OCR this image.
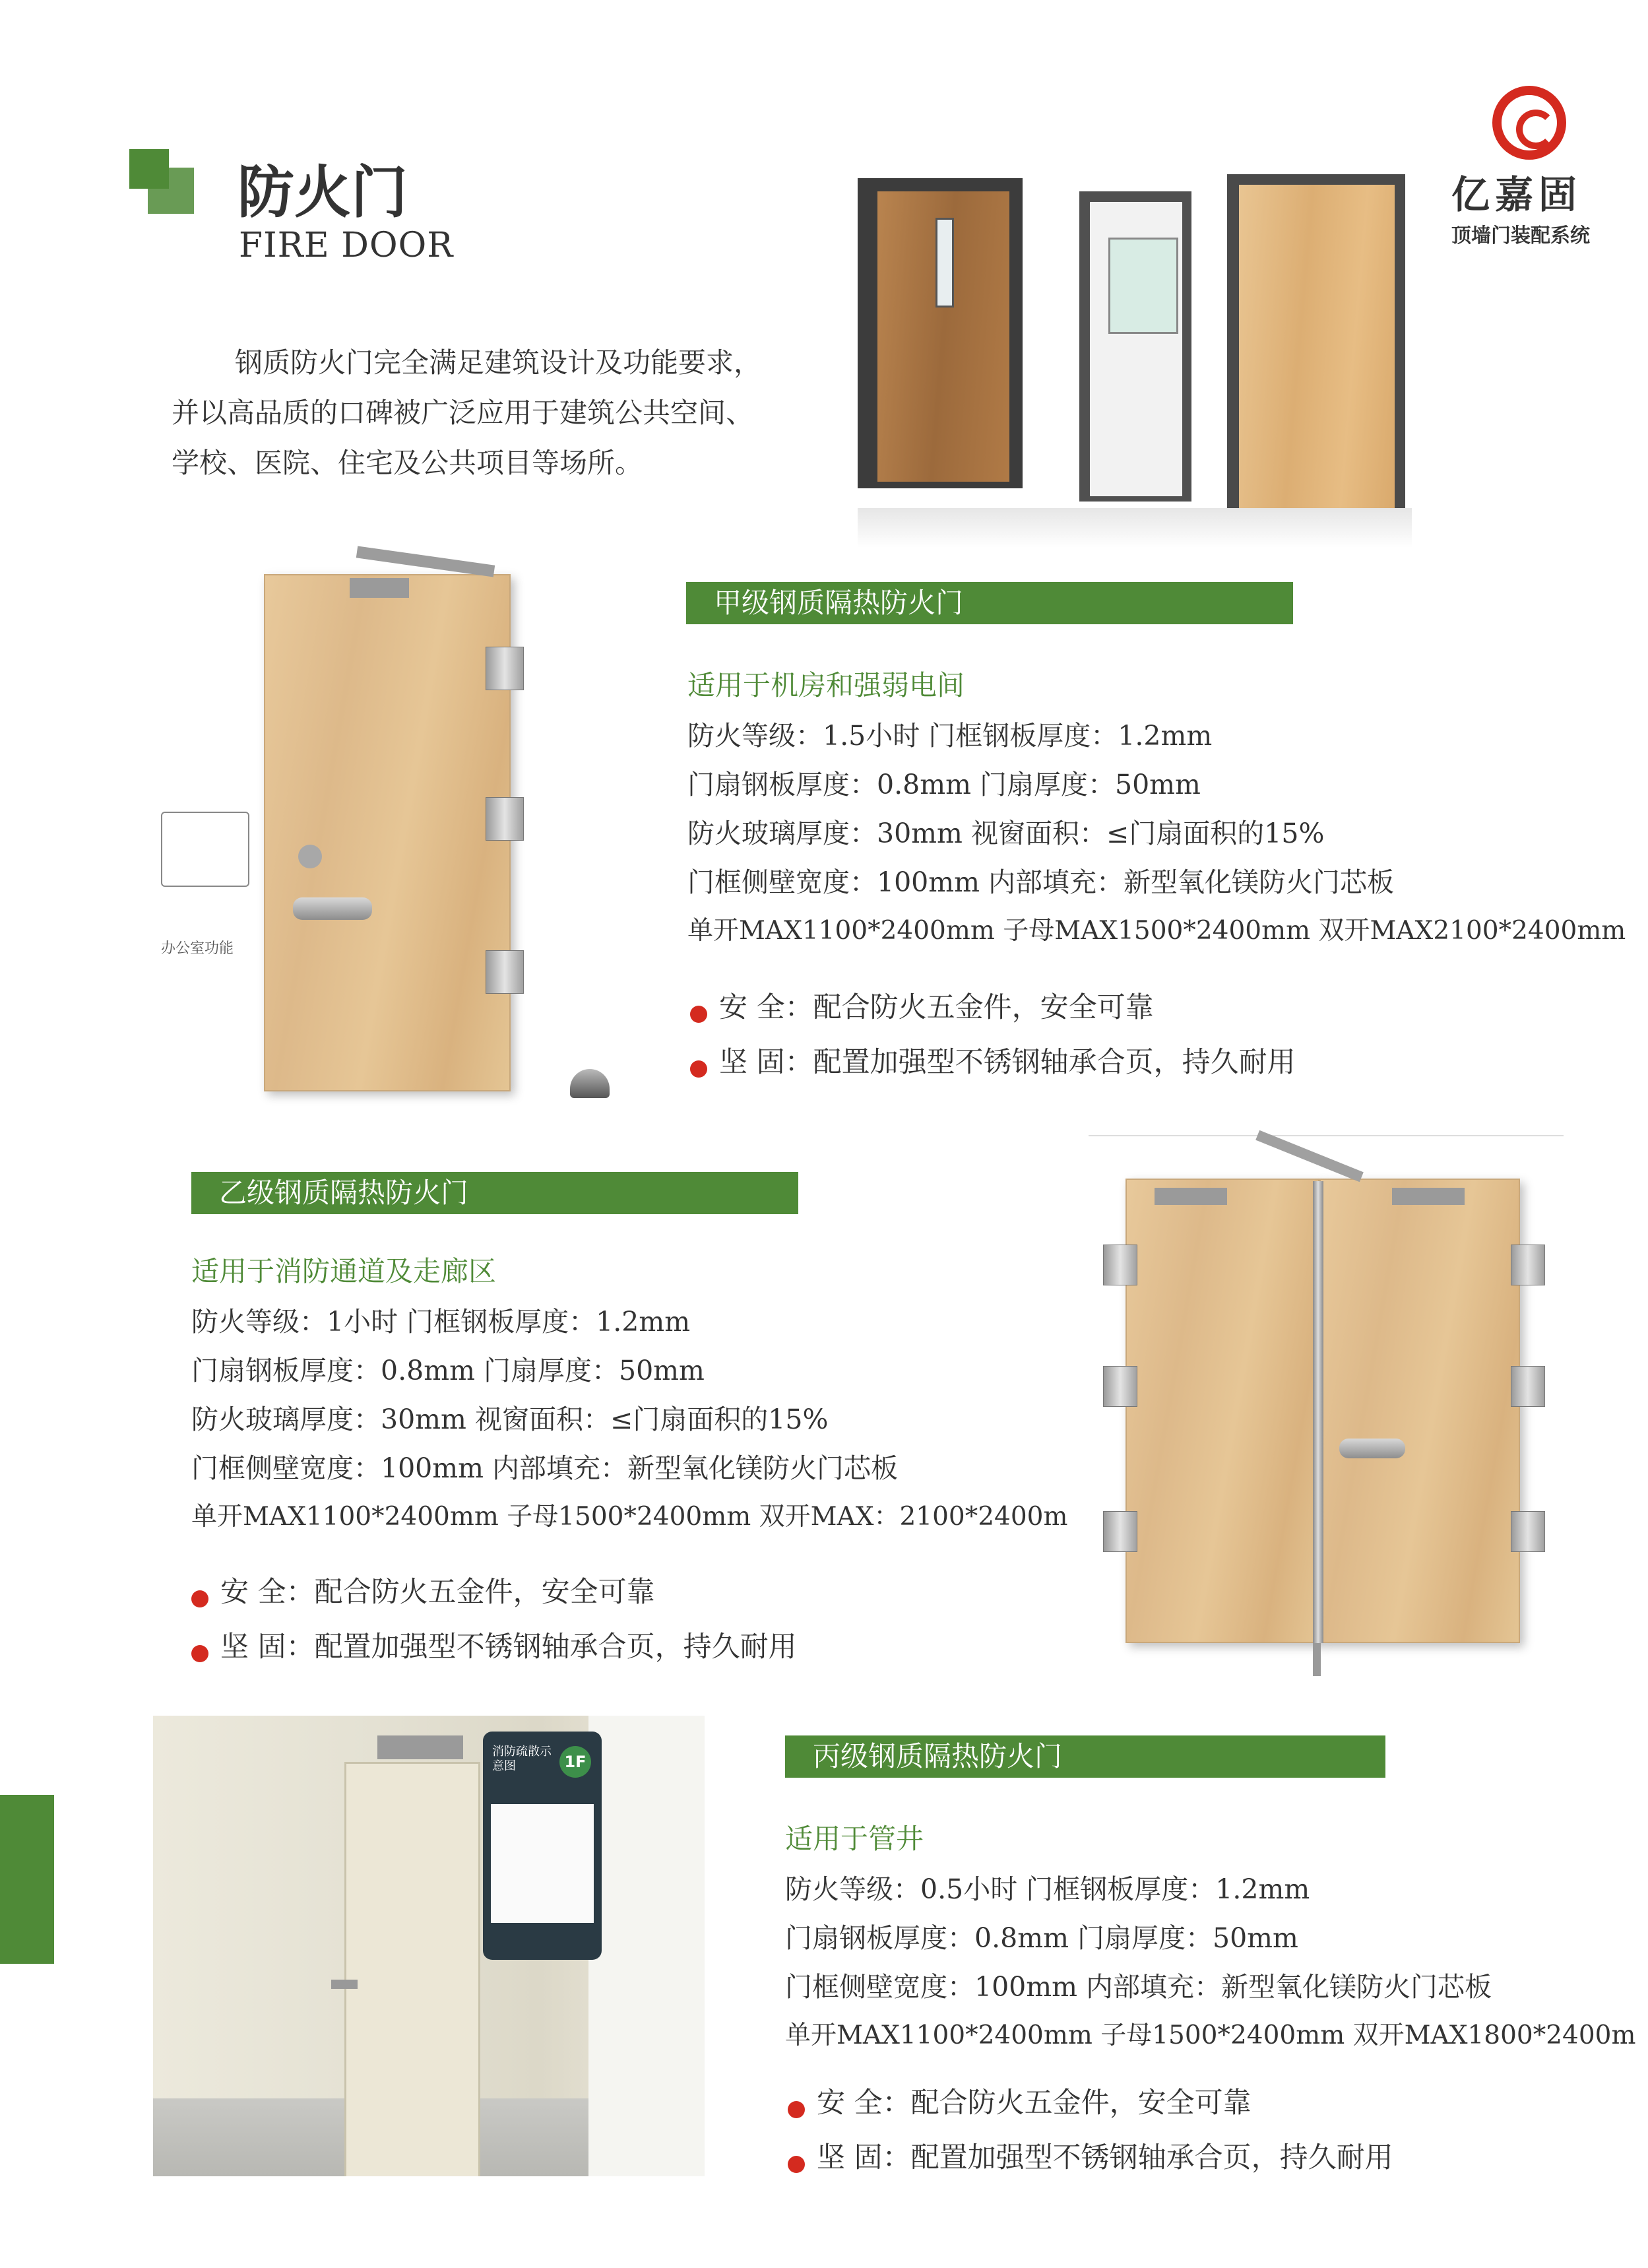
防火门
FIRE DOOR
钢质防火门完全满足建筑设计及功能要求，
并以高品质的口碑被广泛应用于建筑公共空间、
学校、医院、住宅及公共项目等场所。
亿嘉固
顶墙门装配系统
办公室功能
甲级钢质隔热防火门
适用于机房和强弱电间
防火等级：1.5小时 门框钢板厚度：1.2mm
门扇钢板厚度：0.8mm 门扇厚度：50mm
防火玻璃厚度：30mm 视窗面积：≤门扇面积的15%
门框侧壁宽度：100mm 内部填充：新型氧化镁防火门芯板
单开MAX1100*2400mm 子母MAX1500*2400mm 双开MAX2100*2400mm
安 全：配合防火五金件，安全可靠
坚 固：配置加强型不锈钢轴承合页，持久耐用
乙级钢质隔热防火门
适用于消防通道及走廊区
防火等级：1小时 门框钢板厚度：1.2mm
门扇钢板厚度：0.8mm 门扇厚度：50mm
防火玻璃厚度：30mm 视窗面积：≤门扇面积的15%
门框侧壁宽度：100mm 内部填充：新型氧化镁防火门芯板
单开MAX1100*2400mm 子母1500*2400mm 双开MAX：2100*2400m
安 全：配合防火五金件，安全可靠
坚 固：配置加强型不锈钢轴承合页，持久耐用
消防疏散示意图	1F	丙级钢质隔热防火门
适用于管井
防火等级：0.5小时 门框钢板厚度：1.2mm
门扇钢板厚度：0.8mm 门扇厚度：50mm
门框侧壁宽度：100mm 内部填充：新型氧化镁防火门芯板
单开MAX1100*2400mm 子母1500*2400mm 双开MAX1800*2400m
安 全：配合防火五金件，安全可靠
坚 固：配置加强型不锈钢轴承合页，持久耐用
